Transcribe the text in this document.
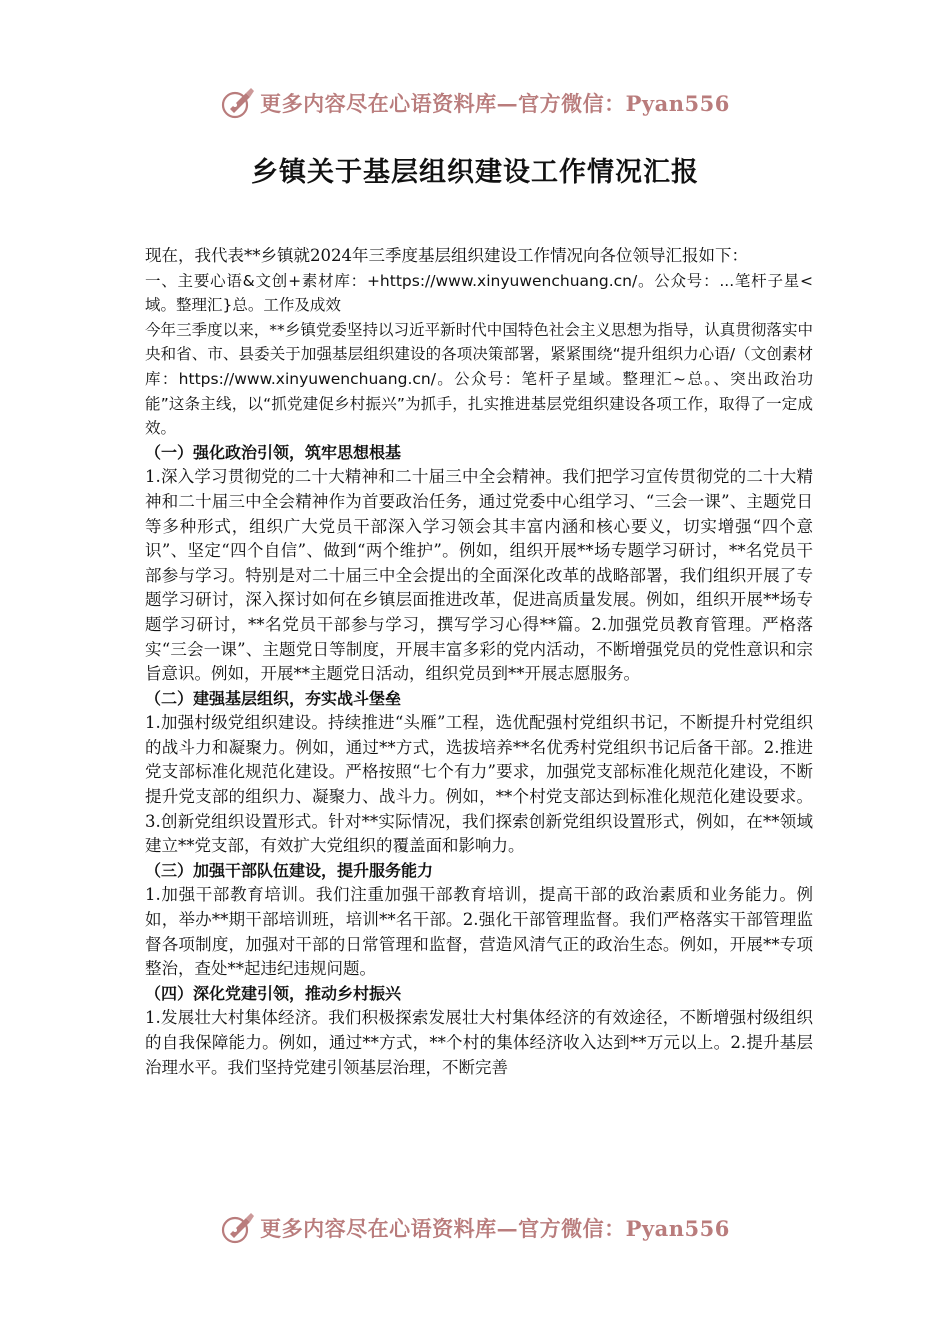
更多内容尽在心语资料库—官方微信：Pyan556
乡镇关于基层组织建设工作情况汇报

现在，我代表**乡镇就2024年三季度基层组织建设工作情况向各位领导汇报如下：

一、主要心语&文创+素材库：+https://www.xinyuwenchuang.cn/。公众号：...笔杆子星<域。整理汇}总。工作及成效

今年三季度以来，**乡镇党委坚持以习近平新时代中国特色社会主义思想为指导，认真贯彻落实中央和省、市、县委关于加强基层组织建设的各项决策部署，紧紧围绕“提升组织力心语/（文创素材库：https://www.xinyuwenchuang.cn/。公众号：笔杆子星域。整理汇~总。、突出政治功能”这条主线，以“抓党建促乡村振兴”为抓手，扎实推进基层党组织建设各项工作，取得了一定成效。

（一）强化政治引领，筑牢思想根基

1.深入学习贯彻党的二十大精神和二十届三中全会精神。我们把学习宣传贯彻党的二十大精神和二十届三中全会精神作为首要政治任务，通过党委中心组学习、“三会一课”、主题党日等多种形式，组织广大党员干部深入学习领会其丰富内涵和核心要义，切实增强“四个意识”、坚定“四个自信”、做到“两个维护”。例如，组织开展**场专题学习研讨，**名党员干部参与学习。特别是对二十届三中全会提出的全面深化改革的战略部署，我们组织开展了专题学习研讨，深入探讨如何在乡镇层面推进改革，促进高质量发展。例如，组织开展**场专题学习研讨，**名党员干部参与学习，撰写学习心得**篇。2.加强党员教育管理。严格落实“三会一课”、主题党日等制度，开展丰富多彩的党内活动，不断增强党员的党性意识和宗旨意识。例如，开展**主题党日活动，组织党员到**开展志愿服务。

（二）建强基层组织，夯实战斗堡垒

1.加强村级党组织建设。持续推进“头雁”工程，选优配强村党组织书记，不断提升村党组织的战斗力和凝聚力。例如，通过**方式，选拔培养**名优秀村党组织书记后备干部。2.推进党支部标准化规范化建设。严格按照“七个有力”要求，加强党支部标准化规范化建设，不断提升党支部的组织力、凝聚力、战斗力。例如，**个村党支部达到标准化规范化建设要求。3.创新党组织设置形式。针对**实际情况，我们探索创新党组织设置形式，例如，在**领域建立**党支部，有效扩大党组织的覆盖面和影响力。

（三）加强干部队伍建设，提升服务能力

1.加强干部教育培训。我们注重加强干部教育培训，提高干部的政治素质和业务能力。例如，举办**期干部培训班，培训**名干部。2.强化干部管理监督。我们严格落实干部管理监督各项制度，加强对干部的日常管理和监督，营造风清气正的政治生态。例如，开展**专项整治，查处**起违纪违规问题。

（四）深化党建引领，推动乡村振兴

1.发展壮大村集体经济。我们积极探索发展壮大村集体经济的有效途径，不断增强村级组织的自我保障能力。例如，通过**方式，**个村的集体经济收入达到**万元以上。2.提升基层治理水平。我们坚持党建引领基层治理，不断完善

更多内容尽在心语资料库—官方微信：Pyan556
